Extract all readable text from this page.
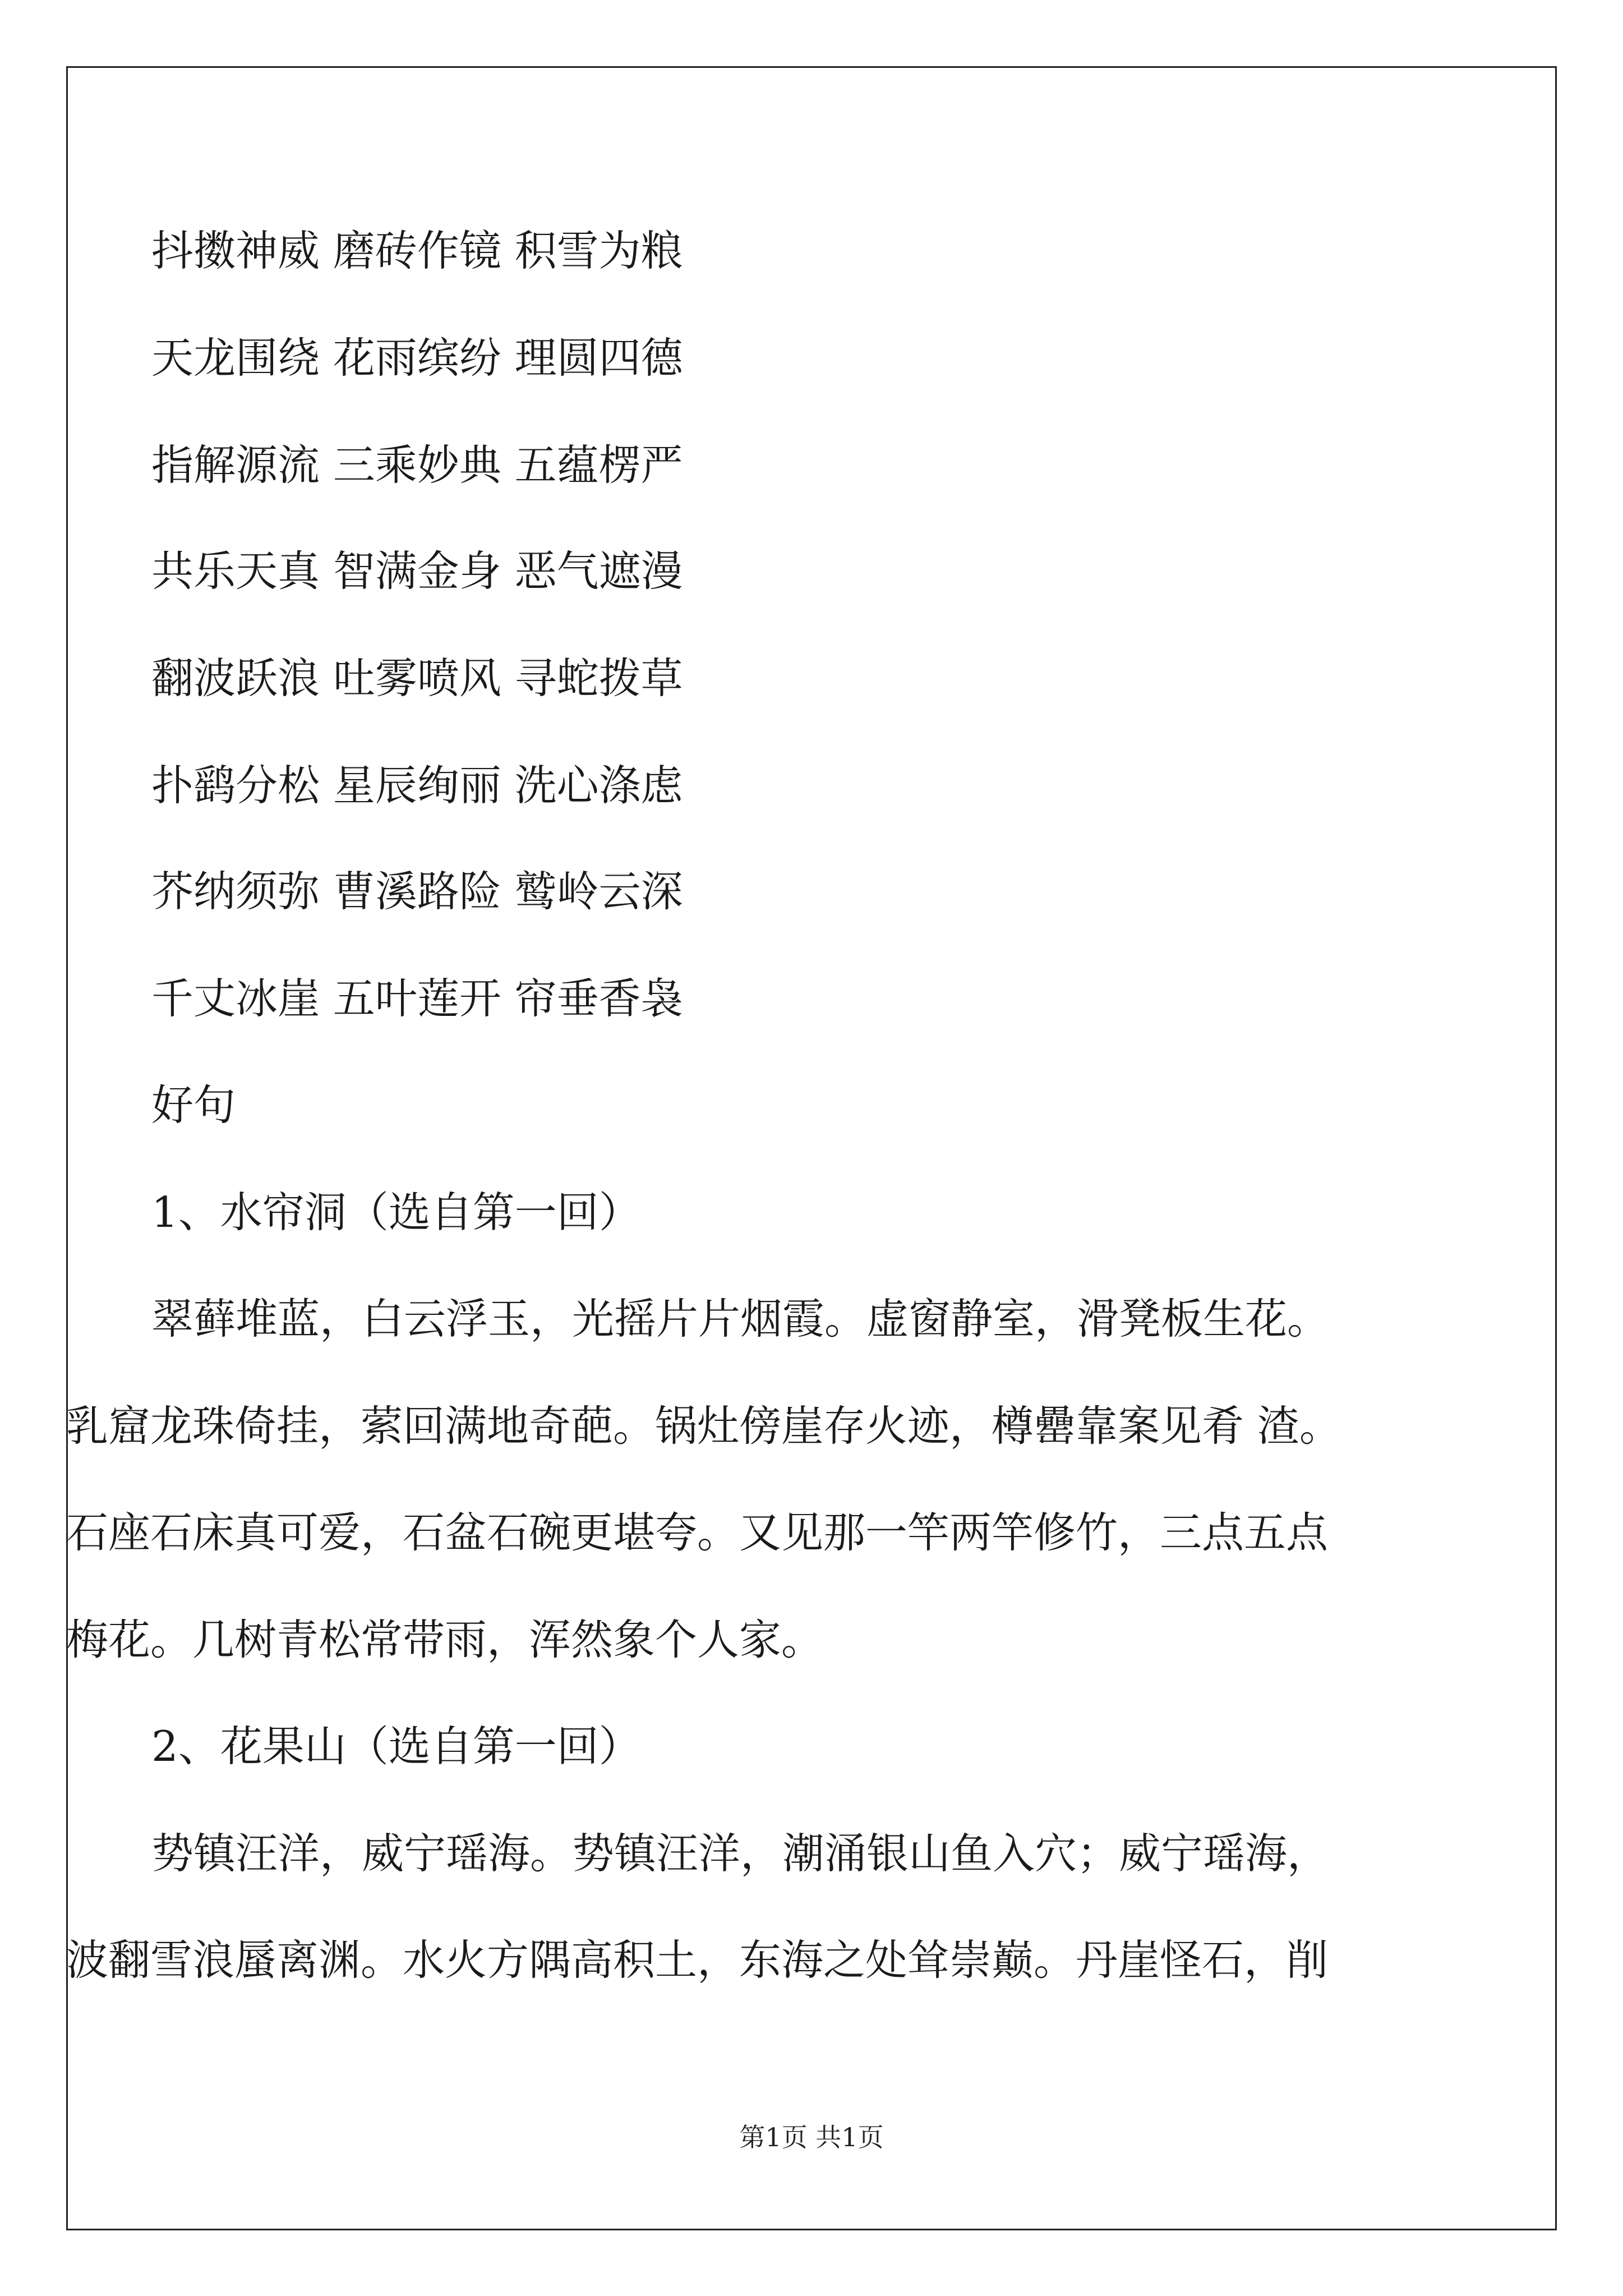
抖擞神威 磨砖作镜 积雪为粮
天龙围绕 花雨缤纷 理圆四德
指解源流 三乘妙典 五蕴楞严
共乐天真 智满金身 恶气遮漫
翻波跃浪 吐雾喷风 寻蛇拨草
扑鹞分松 星辰绚丽 洗心涤虑
芥纳须弥 曹溪路险 鹫岭云深
千丈冰崖 五叶莲开 帘垂香袅
好句
1、水帘洞（选自第一回）
翠藓堆蓝，白云浮玉，光摇片片烟霞。虚窗静室，滑凳板生花。
乳窟龙珠倚挂，萦回满地奇葩。锅灶傍崖存火迹，樽罍靠案见肴 渣。
石座石床真可爱，石盆石碗更堪夸。又见那一竿两竿修竹，三点五点
梅花。几树青松常带雨，浑然象个人家。
2、花果山（选自第一回）
势镇汪洋，威宁瑶海。势镇汪洋，潮涌银山鱼入穴；威宁瑶海，
波翻雪浪蜃离渊。水火方隅高积土，东海之处耸崇巅。丹崖怪石，削
第1页 共1页
